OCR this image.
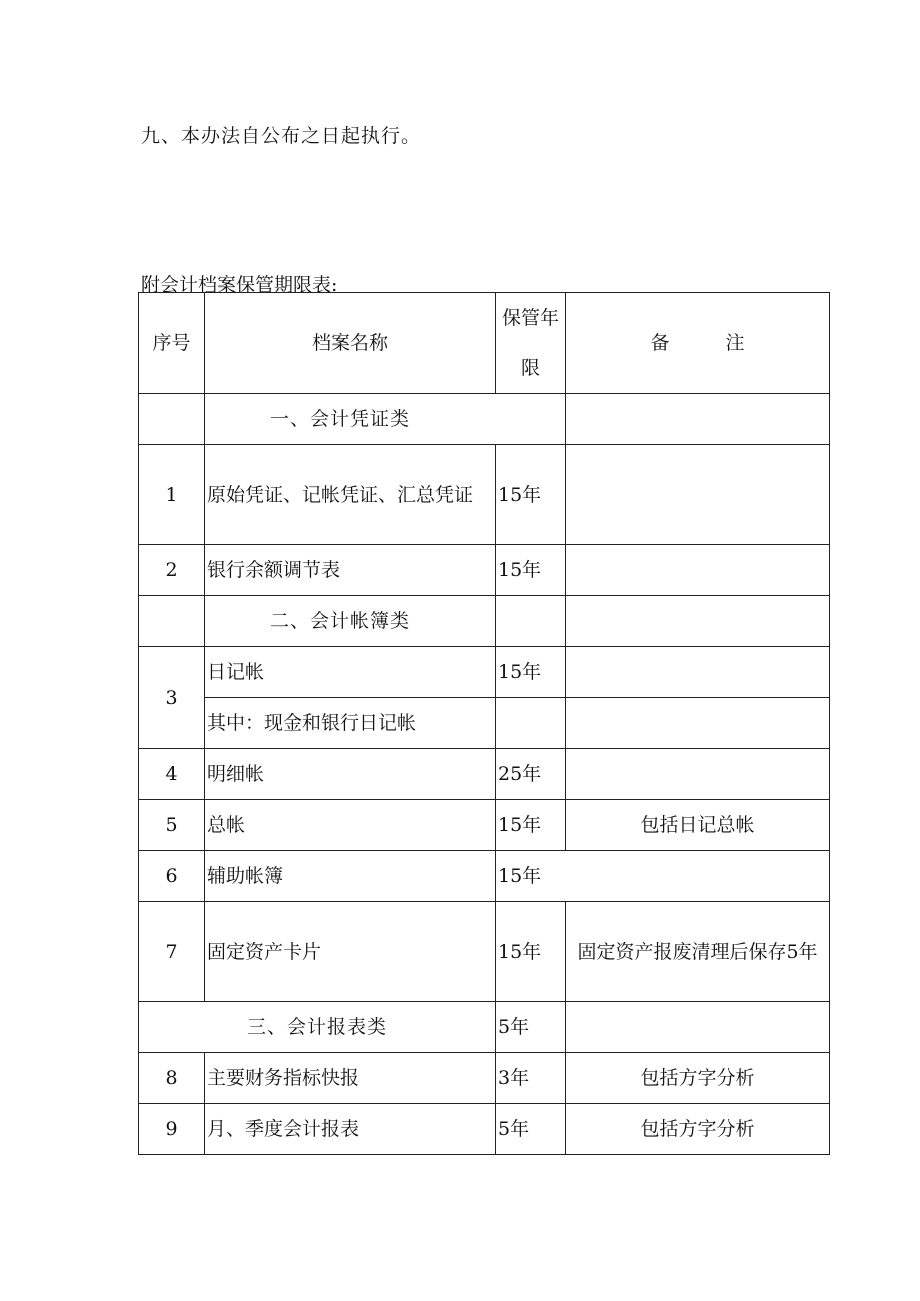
九、本办法自公布之日起执行。

附会计档案保管期限表:

序号	档案名称	保管年限	备 注
	一、会计凭证类		
1	原始凭证、记帐凭证、汇总凭证	15年	
2	银行余额调节表	15年	
	二、会计帐簿类		
3	日记帐	15年	
	其中：现金和银行日记帐		
4	明细帐	25年	
5	总帐	15年	包括日记总帐
6	辅助帐簿	15年	
7	固定资产卡片	15年	固定资产报废清理后保存5年
三、会计报表类		5年	
8	主要财务指标快报	3年	包括方字分析
9	月、季度会计报表	5年	包括方字分析
